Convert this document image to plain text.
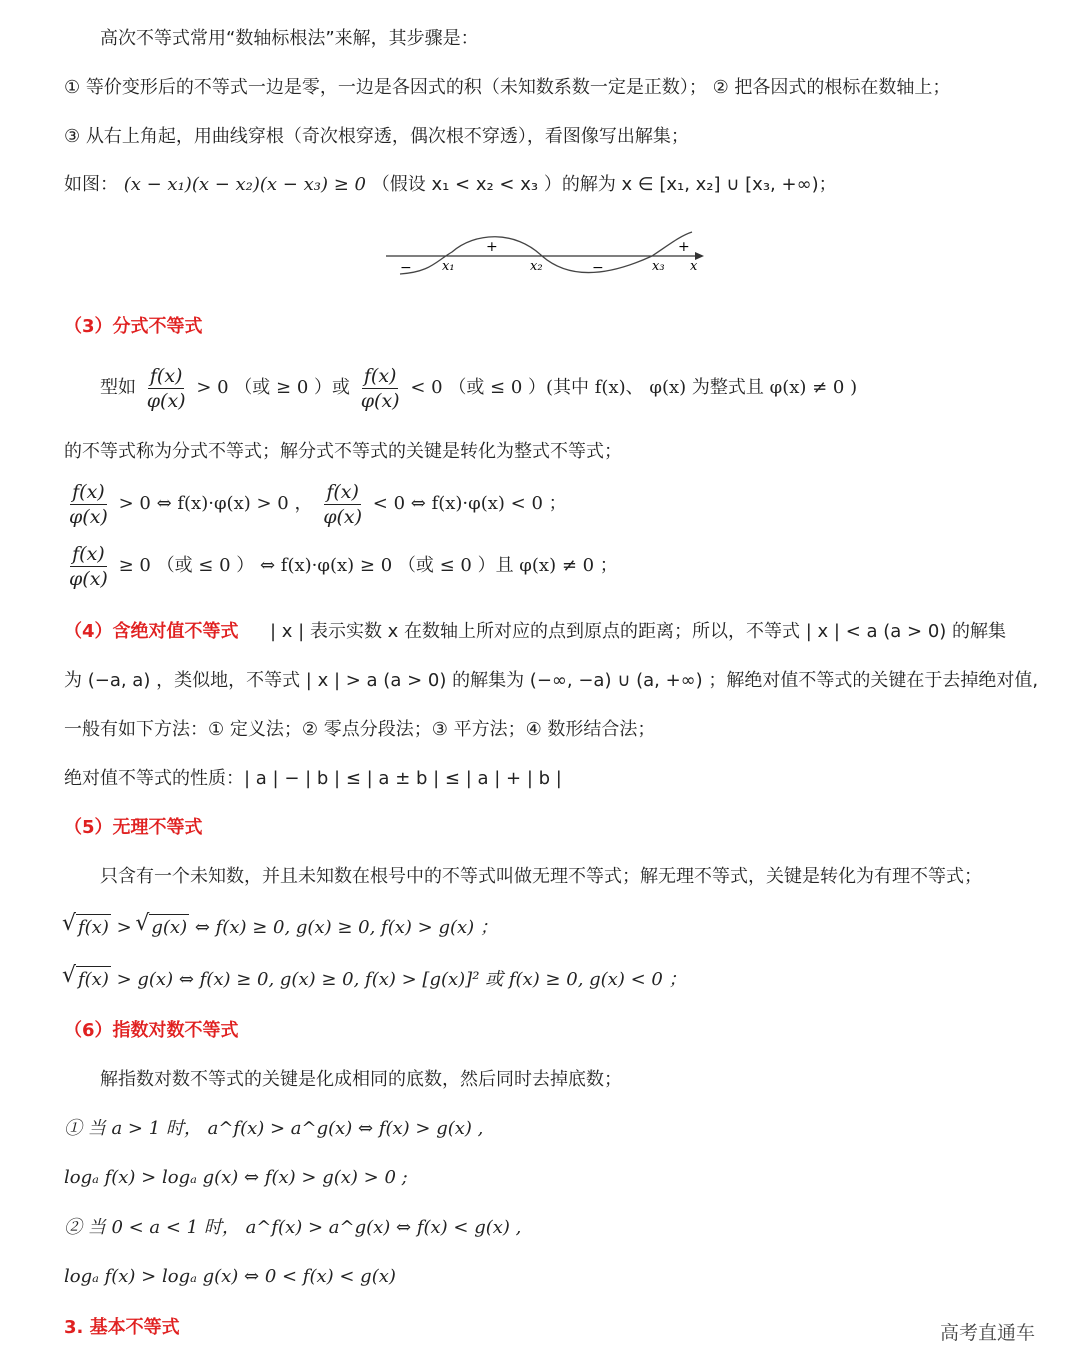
高次不等式常用“数轴标根法”来解，其步骤是：
① 等价变形后的不等式一边是零，一边是各因式的积（未知数系数一定是正数）； ② 把各因式的根标在数轴上；
③ 从右上角起，用曲线穿根（奇次根穿透，偶次根不穿透），看图像写出解集；
如图： (x − x₁)(x − x₂)(x − x₃) ≥ 0 （假设 x₁ < x₂ < x₃ ）的解为 x ∈ [x₁, x₂] ∪ [x₃, +∞)；
−
+
−
+
x₁	x₂	x₃ x
（3）分式不等式
型如 $\frac{f(x)}{\varphi(x)} > 0$ （或 ≥ 0 ）或 $\frac{f(x)}{\varphi(x)} < 0$ （或 ≤ 0 ）(其中 f(x)、 φ(x) 为整式且 φ(x) ≠ 0 )
的不等式称为分式不等式；解分式不等式的关键是转化为整式不等式；
$\frac{f(x)}{\varphi(x)} > 0$ ⇔ f(x)·φ(x) > 0 ， $\frac{f(x)}{\varphi(x)} < 0$ ⇔ f(x)·φ(x) < 0 ；
$\frac{f(x)}{\varphi(x)} \ge 0$ （或 ≤ 0 ） ⇔ f(x)·φ(x) ≥ 0 （或 ≤ 0 ）且 φ(x) ≠ 0 ；
（4）含绝对值不等式 | x | 表示实数 x 在数轴上所对应的点到原点的距离；所以，不等式 | x | < a (a > 0) 的解集
为 (−a, a) ，类似地，不等式 | x | > a (a > 0) 的解集为 (−∞, −a) ∪ (a, +∞) ；解绝对值不等式的关键在于去掉绝对值,
一般有如下方法：① 定义法；② 零点分段法；③ 平方法；④ 数形结合法；
绝对值不等式的性质：| a | − | b | ≤ | a ± b | ≤ | a | + | b |
（5）无理不等式
只含有一个未知数，并且未知数在根号中的不等式叫做无理不等式；解无理不等式，关键是转化为有理不等式；
√ f(x) > √ g(x) ⇔ f(x) ≥ 0, g(x) ≥ 0, f(x) > g(x) ；
√ f(x) > g(x) ⇔ f(x) ≥ 0, g(x) ≥ 0, f(x) > [g(x)]² 或 f(x) ≥ 0, g(x) < 0 ；
（6）指数对数不等式
解指数对数不等式的关键是化成相同的底数，然后同时去掉底数；
① 当 a > 1 时， a^f(x) > a^g(x) ⇔ f(x) > g(x) ,
logₐ f(x) > logₐ g(x) ⇔ f(x) > g(x) > 0 ;
② 当 0 < a < 1 时， a^f(x) > a^g(x) ⇔ f(x) < g(x) ,
logₐ f(x) > logₐ g(x) ⇔ 0 < f(x) < g(x)
3. 基本不等式	高考直通车
